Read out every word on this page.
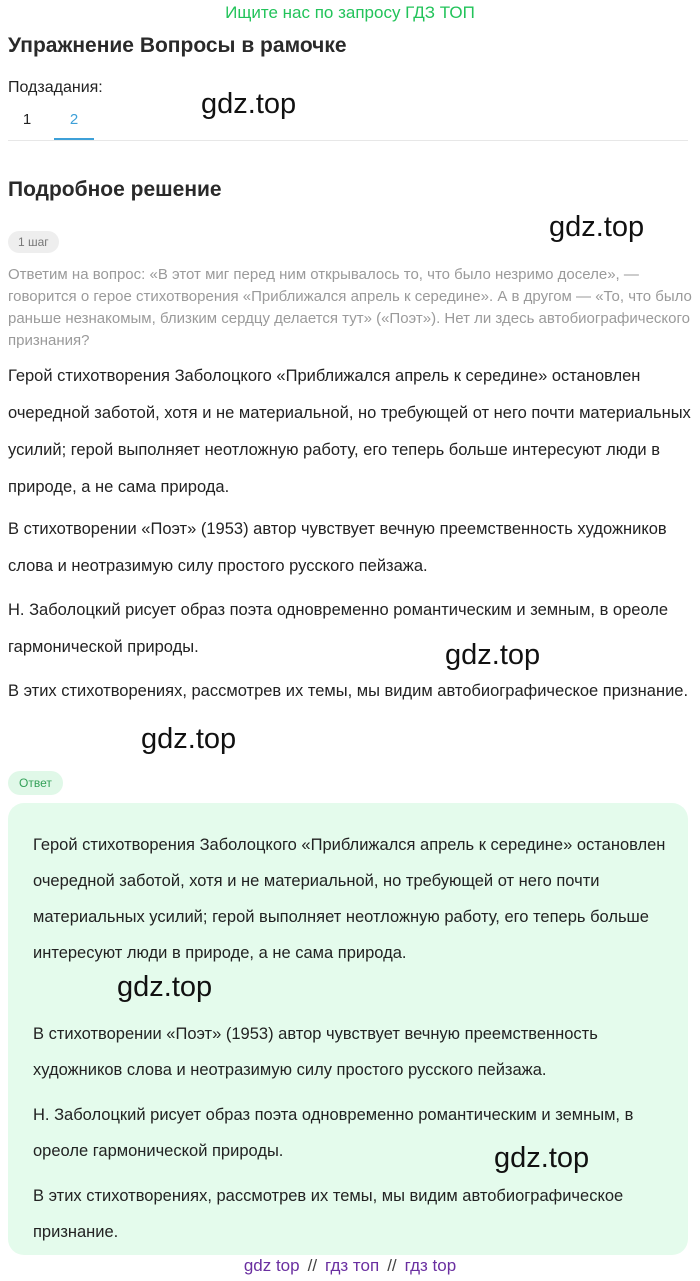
Ищите нас по запросу ГДЗ ТОП
Упражнение Вопросы в рамочке
Подзадания:
gdz.top
1	2
Подробное решение
1 шаг	gdz.top
Ответим на вопрос: «В этот миг перед ним открывалось то, что было незримо доселе», — говорится о герое стихотворения «Приближался апрель к середине». А в другом — «То, что было раньше незнакомым, близким сердцу делается тут» («Поэт»). Нет ли здесь автобиографического признания?

Герой стихотворения Заболоцкого «Приближался апрель к середине» остановлен очередной заботой, хотя и не материальной, но требующей от него почти материальных усилий; герой выполняет неотложную работу, его теперь больше интересуют люди в природе, а не сама природа.

В стихотворении «Поэт» (1953) автор чувствует вечную преемственность художников слова и неотразимую силу простого русского пейзажа.

Н. Заболоцкий рисует образ поэта одновременно романтическим и земным, в ореоле гармонической природы.	gdz.top

В этих стихотворениях, рассмотрев их темы, мы видим автобиографическое признание.

gdz.top
Ответ

Герой стихотворения Заболоцкого «Приближался апрель к середине» остановлен очередной заботой, хотя и не материальной, но требующей от него почти материальных усилий; герой выполняет неотложную работу, его теперь больше интересуют люди в природе, а не сама природа.

gdz.top

В стихотворении «Поэт» (1953) автор чувствует вечную преемственность художников слова и неотразимую силу простого русского пейзажа.

Н. Заболоцкий рисует образ поэта одновременно романтическим и земным, в ореоле гармонической природы.	gdz.top

В этих стихотворениях, рассмотрев их темы, мы видим автобиографическое признание.

gdz top // гдз топ // гдз top
